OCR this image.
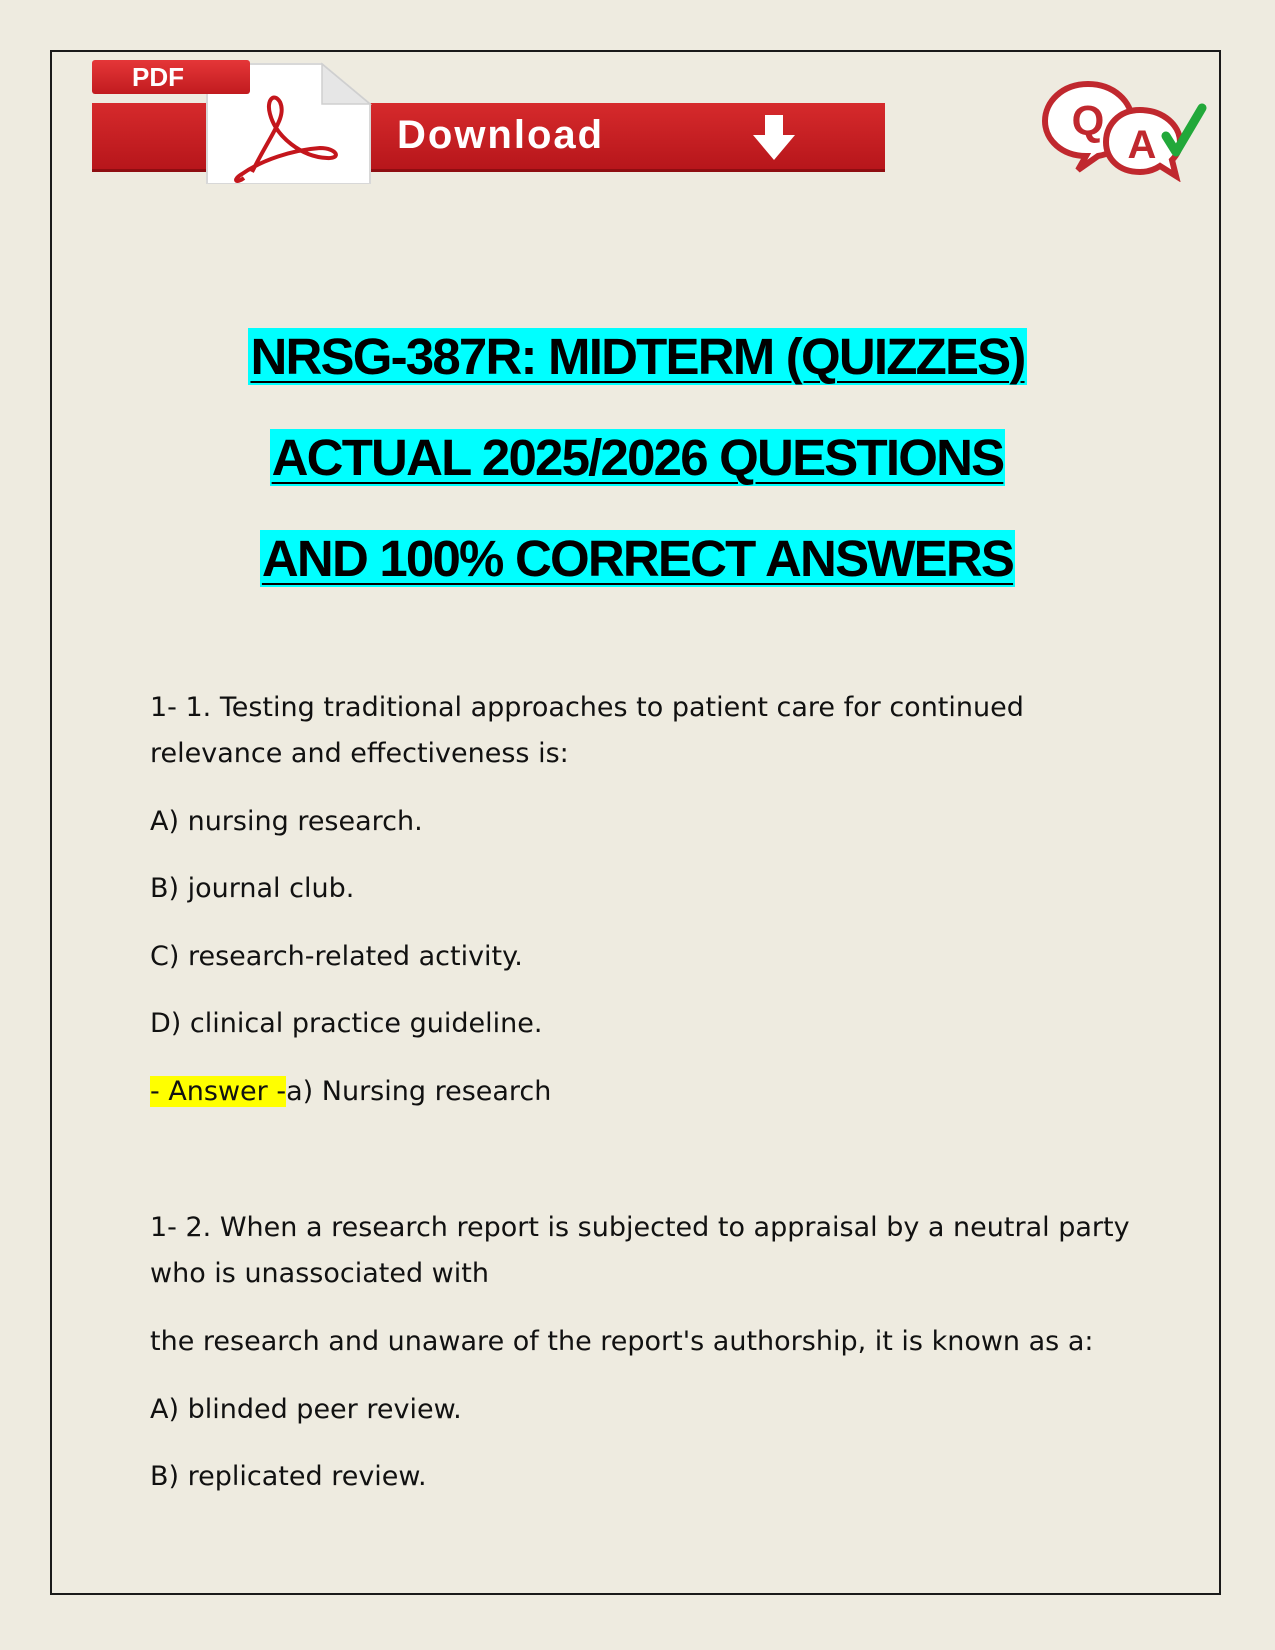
PDF
Download	Q
A
NRSG-387R: MIDTERM (QUIZZES)
ACTUAL 2025/2026 QUESTIONS
AND 100% CORRECT ANSWERS
1- 1. Testing traditional approaches to patient care for continued
relevance and effectiveness is:
A) nursing research.
B) journal club.
C) research-related activity.
D) clinical practice guideline.
- Answer -a) Nursing research
1- 2. When a research report is subjected to appraisal by a neutral party
who is unassociated with
the research and unaware of the report's authorship, it is known as a:
A) blinded peer review.
B) replicated review.
